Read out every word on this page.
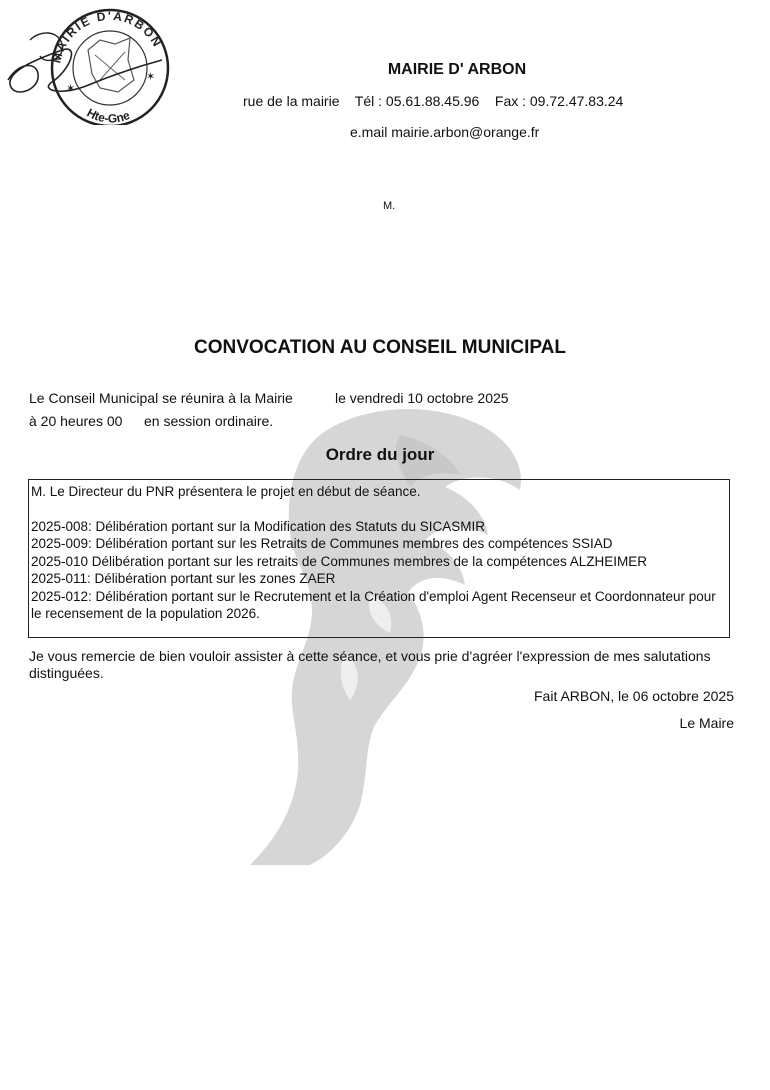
MAIRIE D' ARBON
rue de la mairie    Tél : 05.61.88.45.96    Fax : 09.72.47.83.24
e.mail mairie.arbon@orange.fr
M.
CONVOCATION AU CONSEIL MUNICIPAL
Le Conseil Municipal se réunira à la Mairie	le vendredi 10 octobre 2025
à 20 heures 00 en session ordinaire.
Ordre du jour
M. Le Directeur du PNR présentera le projet en début de séance.
2025-008: Délibération portant sur la Modification des Statuts du SICASMIR
2025-009: Délibération portant sur les Retraits de Communes membres des compétences SSIAD
2025-010 Délibération portant sur les retraits de Communes membres de la compétences ALZHEIMER
2025-011: Délibération portant sur les zones ZAER
2025-012: Délibération portant sur le Recrutement et la Création d'emploi Agent Recenseur et Coordonnateur pour le recensement de la population 2026.
Je vous remercie de bien vouloir assister à cette séance, et vous prie d'agréer l'expression de mes salutations distinguées.
Fait ARBON, le 06 octobre 2025
Le Maire
MAIRIE D'ARBON
Hte-Gne
✶
✶
